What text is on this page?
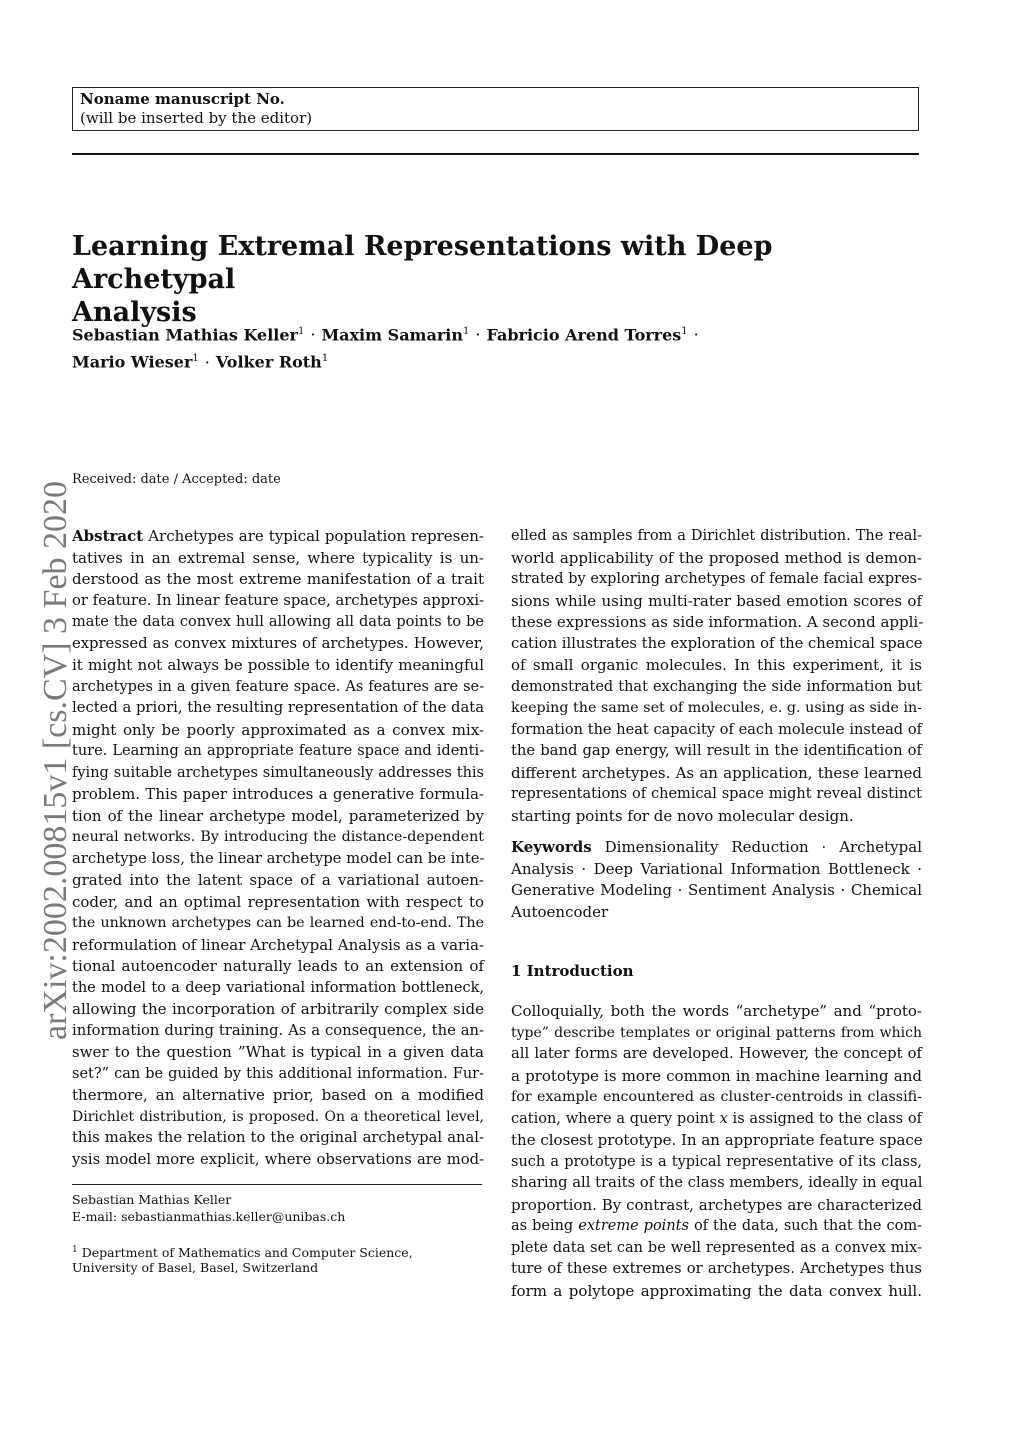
Noname manuscript No.
(will be inserted by the editor)
Learning Extremal Representations with Deep Archetypal
Analysis
Sebastian Mathias Keller$^1$ · Maxim Samarin$^1$ · Fabricio Arend Torres$^1$ ·
Mario Wieser$^1$ · Volker Roth$^1$
arXiv:2002.00815v1 [cs.CV] 3 Feb 2020
Received: date / Accepted: date
Abstract Archetypes are typical population represen-
tatives in an extremal sense, where typicality is un-
derstood as the most extreme manifestation of a trait
or feature. In linear feature space, archetypes approxi-
mate the data convex hull allowing all data points to be
expressed as convex mixtures of archetypes. However,
it might not always be possible to identify meaningful
archetypes in a given feature space. As features are se-
lected a priori, the resulting representation of the data
might only be poorly approximated as a convex mix-
ture. Learning an appropriate feature space and identi-
fying suitable archetypes simultaneously addresses this
problem. This paper introduces a generative formula-
tion of the linear archetype model, parameterized by
neural networks. By introducing the distance-dependent
archetype loss, the linear archetype model can be inte-
grated into the latent space of a variational autoen-
coder, and an optimal representation with respect to
the unknown archetypes can be learned end-to-end. The
reformulation of linear Archetypal Analysis as a varia-
tional autoencoder naturally leads to an extension of
the model to a deep variational information bottleneck,
allowing the incorporation of arbitrarily complex side
information during training. As a consequence, the an-
swer to the question ”What is typical in a given data
set?” can be guided by this additional information. Fur-
thermore, an alternative prior, based on a modified
Dirichlet distribution, is proposed. On a theoretical level,
this makes the relation to the original archetypal anal-
ysis model more explicit, where observations are mod-
Sebastian Mathias Keller
E-mail: sebastianmathias.keller@unibas.ch
$^1$ Department of Mathematics and Computer Science,
University of Basel, Basel, Switzerland
elled as samples from a Dirichlet distribution. The real-
world applicability of the proposed method is demon-
strated by exploring archetypes of female facial expres-
sions while using multi-rater based emotion scores of
these expressions as side information. A second appli-
cation illustrates the exploration of the chemical space
of small organic molecules. In this experiment, it is
demonstrated that exchanging the side information but
keeping the same set of molecules, e. g. using as side in-
formation the heat capacity of each molecule instead of
the band gap energy, will result in the identification of
different archetypes. As an application, these learned
representations of chemical space might reveal distinct
starting points for de novo molecular design.
Keywords Dimensionality Reduction · Archetypal
Analysis · Deep Variational Information Bottleneck ·
Generative Modeling · Sentiment Analysis · Chemical
Autoencoder
1 Introduction
Colloquially, both the words “archetype” and “proto-
type” describe templates or original patterns from which
all later forms are developed. However, the concept of
a prototype is more common in machine learning and
for example encountered as cluster-centroids in classifi-
cation, where a query point x is assigned to the class of
the closest prototype. In an appropriate feature space
such a prototype is a typical representative of its class,
sharing all traits of the class members, ideally in equal
proportion. By contrast, archetypes are characterized
as being extreme points of the data, such that the com-
plete data set can be well represented as a convex mix-
ture of these extremes or archetypes. Archetypes thus
form a polytope approximating the data convex hull.
